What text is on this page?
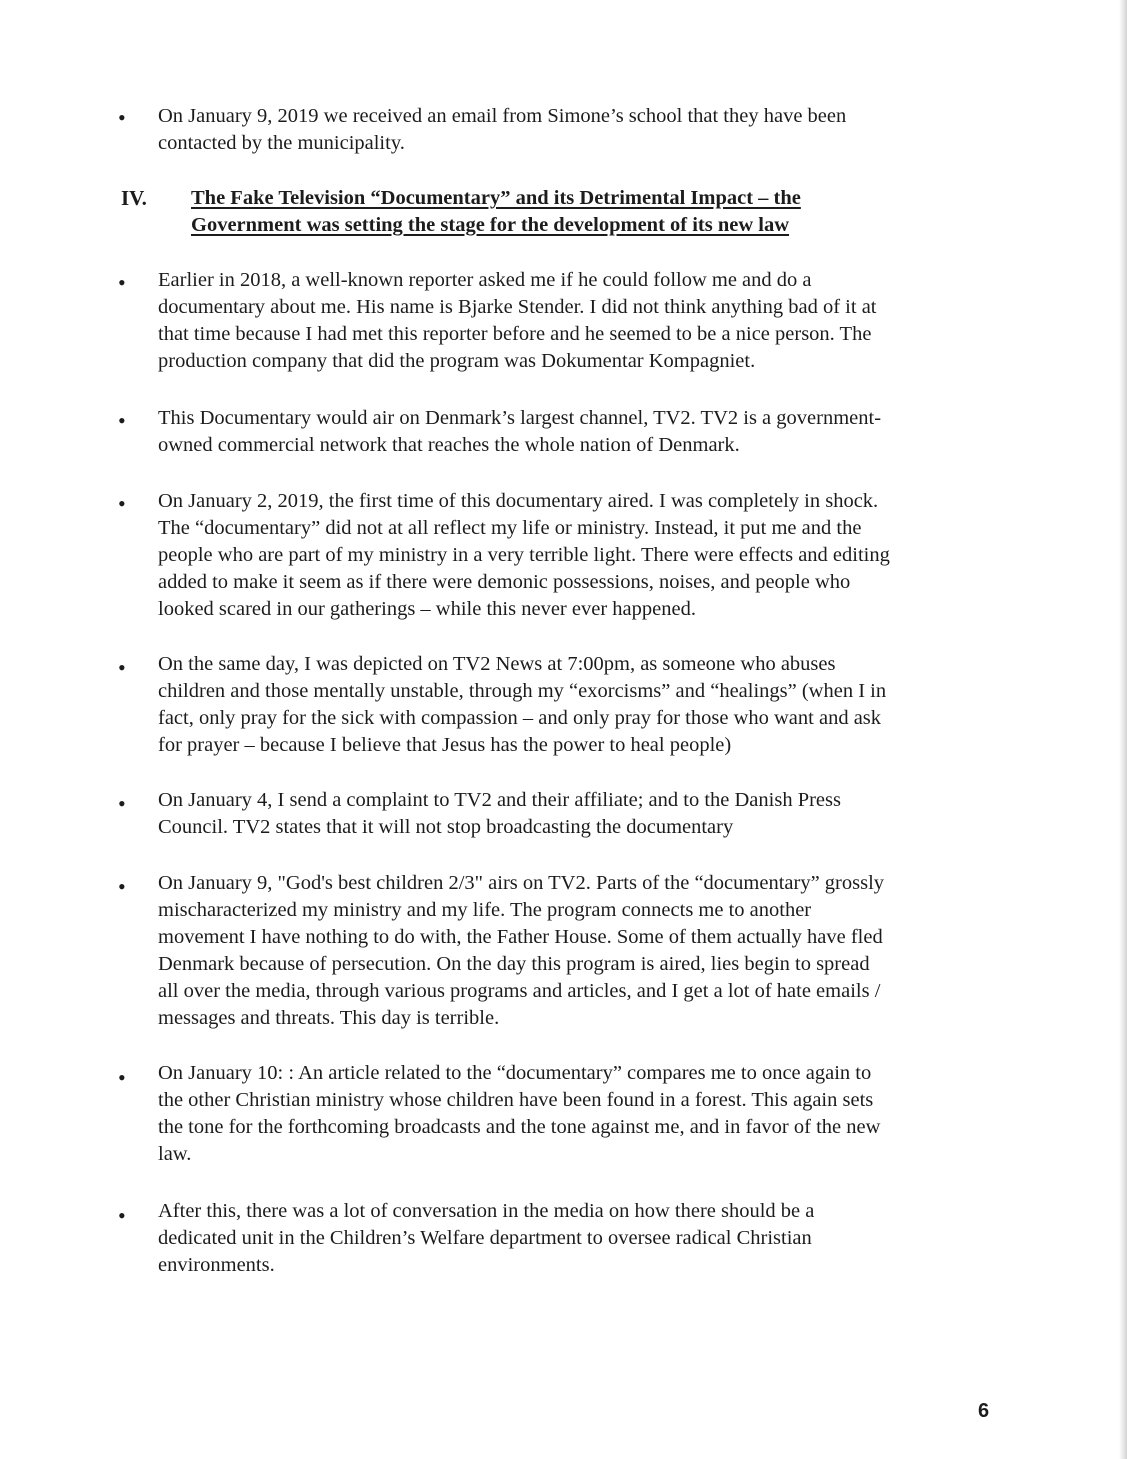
• On January 9, 2019 we received an email from Simone’s school that they have been
contacted by the municipality.
IV. The Fake Television “Documentary” and its Detrimental Impact – the
Government was setting the stage for the development of its new law
• Earlier in 2018, a well-known reporter asked me if he could follow me and do a
documentary about me. His name is Bjarke Stender. I did not think anything bad of it at
that time because I had met this reporter before and he seemed to be a nice person. The
production company that did the program was Dokumentar Kompagniet.
• This Documentary would air on Denmark’s largest channel, TV2. TV2 is a government-
owned commercial network that reaches the whole nation of Denmark.
• On January 2, 2019, the first time of this documentary aired. I was completely in shock.
The “documentary” did not at all reflect my life or ministry. Instead, it put me and the
people who are part of my ministry in a very terrible light. There were effects and editing
added to make it seem as if there were demonic possessions, noises, and people who
looked scared in our gatherings – while this never ever happened.
• On the same day, I was depicted on TV2 News at 7:00pm, as someone who abuses
children and those mentally unstable, through my “exorcisms” and “healings” (when I in
fact, only pray for the sick with compassion – and only pray for those who want and ask
for prayer – because I believe that Jesus has the power to heal people)
• On January 4, I send a complaint to TV2 and their affiliate; and to the Danish Press
Council. TV2 states that it will not stop broadcasting the documentary
• On January 9, "God's best children 2/3" airs on TV2. Parts of the “documentary” grossly
mischaracterized my ministry and my life. The program connects me to another
movement I have nothing to do with, the Father House. Some of them actually have fled
Denmark because of persecution. On the day this program is aired, lies begin to spread
all over the media, through various programs and articles, and I get a lot of hate emails /
messages and threats. This day is terrible.
• On January 10: : An article related to the “documentary” compares me to once again to
the other Christian ministry whose children have been found in a forest. This again sets
the tone for the forthcoming broadcasts and the tone against me, and in favor of the new
law.
• After this, there was a lot of conversation in the media on how there should be a
dedicated unit in the Children’s Welfare department to oversee radical Christian
environments.
6
